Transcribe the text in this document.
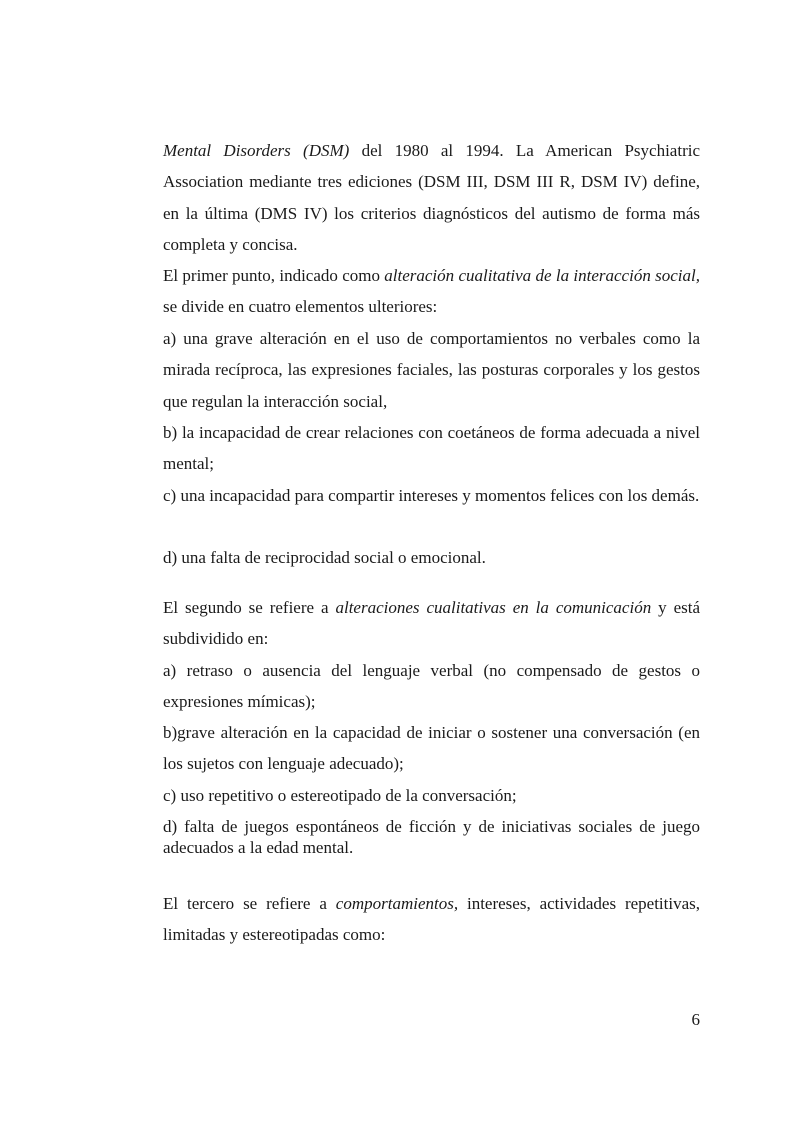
Mental Disorders (DSM) del 1980 al 1994. La American Psychiatric Association mediante tres ediciones (DSM III, DSM III R, DSM IV) define, en la última (DMS IV) los criterios diagnósticos del autismo de forma más completa y concisa.

El primer punto, indicado como alteración cualitativa de la interacción social, se divide en cuatro elementos ulteriores:

a) una grave alteración en el uso de comportamientos no verbales como la mirada recíproca, las expresiones faciales, las posturas corporales y los gestos que regulan la interacción social,

b) la incapacidad de crear relaciones con coetáneos de forma adecuada a nivel mental;

c) una incapacidad para compartir intereses y momentos felices con los demás.

d) una falta de reciprocidad social o emocional.

El segundo se refiere a alteraciones cualitativas en la comunicación y está subdividido en:

a) retraso o ausencia del lenguaje verbal (no compensado de gestos o expresiones mímicas);

b)grave alteración en la capacidad de iniciar o sostener una conversación (en los sujetos con lenguaje adecuado);

c) uso repetitivo o estereotipado de la conversación;

d) falta de juegos espontáneos de ficción y de iniciativas sociales de juego adecuados a la edad mental.

El tercero se refiere a comportamientos, intereses, actividades repetitivas, limitadas y estereotipadas como:

6
